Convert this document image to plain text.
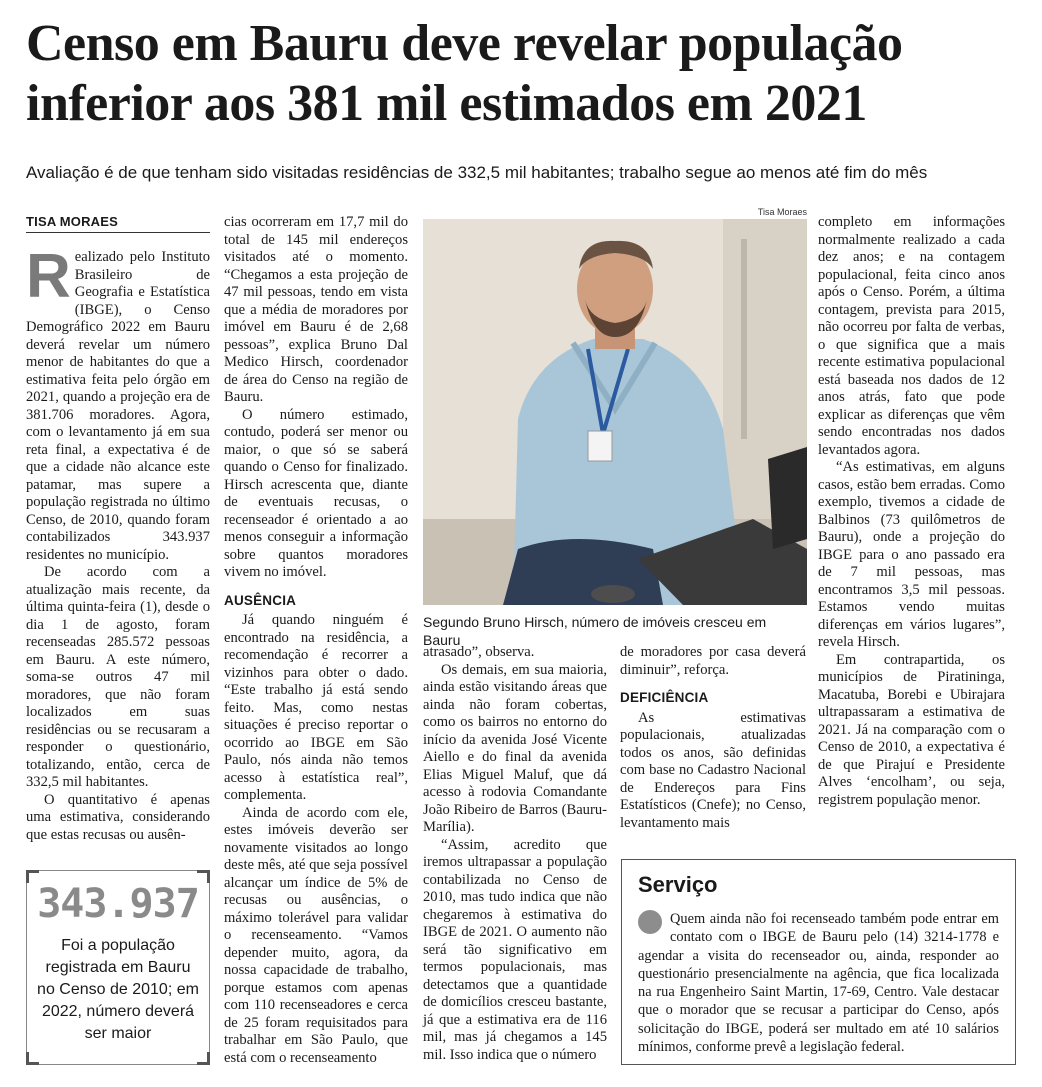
Censo em Bauru deve revelar população
inferior aos 381 mil estimados em 2021
Avaliação é de que tenham sido visitadas residências de 332,5 mil habitantes; trabalho segue ao menos até fim do mês
TISA MORAES

Realizado pelo Instituto Brasileiro de Geografia e Estatística (IBGE), o Censo Demográfico 2022 em Bauru deverá revelar um número menor de habitantes do que a estimativa feita pelo órgão em 2021, quando a projeção era de 381.706 moradores. Agora, com o levantamento já em sua reta final, a expectativa é de que a cidade não alcance este patamar, mas supere a população registrada no último Censo, de 2010, quando foram contabilizados 343.937 residentes no município.

De acordo com a atualização mais recente, da última quinta-feira (1), desde o dia 1 de agosto, foram recenseadas 285.572 pessoas em Bauru. A este número, soma-se outros 47 mil moradores, que não foram localizados em suas residências ou se recusaram a responder o questionário, totalizando, então, cerca de 332,5 mil habitantes.

O quantitativo é apenas uma estimativa, considerando que estas recusas ou ausên-

cias ocorreram em 17,7 mil do total de 145 mil endereços visitados até o momento. “Chegamos a esta projeção de 47 mil pessoas, tendo em vista que a média de moradores por imóvel em Bauru é de 2,68 pessoas”, explica Bruno Dal Medico Hirsch, coordenador de área do Censo na região de Bauru.

O número estimado, contudo, poderá ser menor ou maior, o que só se saberá quando o Censo for finalizado. Hirsch acrescenta que, diante de eventuais recusas, o recenseador é orientado a ao menos conseguir a informação sobre quantos moradores vivem no imóvel.

AUSÊNCIA

Já quando ninguém é encontrado na residência, a recomendação é recorrer a vizinhos para obter o dado. “Este trabalho já está sendo feito. Mas, como nestas situações é preciso reportar o ocorrido ao IBGE em São Paulo, nós ainda não temos acesso à estatística real”, complementa.

Ainda de acordo com ele, estes imóveis deverão ser novamente visitados ao longo deste mês, até que seja possível alcançar um índice de 5% de recusas ou ausências, o máximo tolerável para validar o recenseamento. “Vamos depender muito, agora, da nossa capacidade de trabalho, porque estamos com apenas com 110 recenseadores e cerca de 25 foram requisitados para trabalhar em São Paulo, que está com o recenseamento

Tisa Moraes
Segundo Bruno Hirsch, número de imóveis cresceu em Bauru

atrasado”, observa.

Os demais, em sua maioria, ainda estão visitando áreas que ainda não foram cobertas, como os bairros no entorno do início da avenida José Vicente Aiello e do final da avenida Elias Miguel Maluf, que dá acesso à rodovia Comandante João Ribeiro de Barros (Bauru-Marília).

“Assim, acredito que iremos ultrapassar a população contabilizada no Censo de 2010, mas tudo indica que não chegaremos à estimativa do IBGE de 2021. O aumento não será tão significativo em termos populacionais, mas detectamos que a quantidade de domicílios cresceu bastante, já que a estimativa era de 116 mil, mas já chegamos a 145 mil. Isso indica que o número

de moradores por casa deverá diminuir”, reforça.

DEFICIÊNCIA

As estimativas populacionais, atualizadas todos os anos, são definidas com base no Cadastro Nacional de Endereços para Fins Estatísticos (Cnefe); no Censo, levantamento mais

completo em informações normalmente realizado a cada dez anos; e na contagem populacional, feita cinco anos após o Censo. Porém, a última contagem, prevista para 2015, não ocorreu por falta de verbas, o que significa que a mais recente estimativa populacional está baseada nos dados de 12 anos atrás, fato que pode explicar as diferenças que vêm sendo encontradas nos dados levantados agora.

“As estimativas, em alguns casos, estão bem erradas. Como exemplo, tivemos a cidade de Balbinos (73 quilômetros de Bauru), onde a projeção do IBGE para o ano passado era de 7 mil pessoas, mas encontramos 3,5 mil pessoas. Estamos vendo muitas diferenças em vários lugares”, revela Hirsch.

Em contrapartida, os municípios de Piratininga, Macatuba, Borebi e Ubirajara ultrapassaram a estimativa de 2021. Já na comparação com o Censo de 2010, a expectativa é de que Pirajuí e Presidente Alves ‘encolham’, ou seja, registrem população menor.

343.937
Foi a população registrada em Bauru no Censo de 2010; em 2022, número deverá ser maior
Serviço
Quem ainda não foi recenseado também pode entrar em contato com o IBGE de Bauru pelo (14) 3214-1778 e agendar a visita do recenseador ou, ainda, responder ao questionário presencialmente na agência, que fica localizada na rua Engenheiro Saint Martin, 17-69, Centro. Vale destacar que o morador que se recusar a participar do Censo, após solicitação do IBGE, poderá ser multado em até 10 salários mínimos, conforme prevê a legislação federal.
